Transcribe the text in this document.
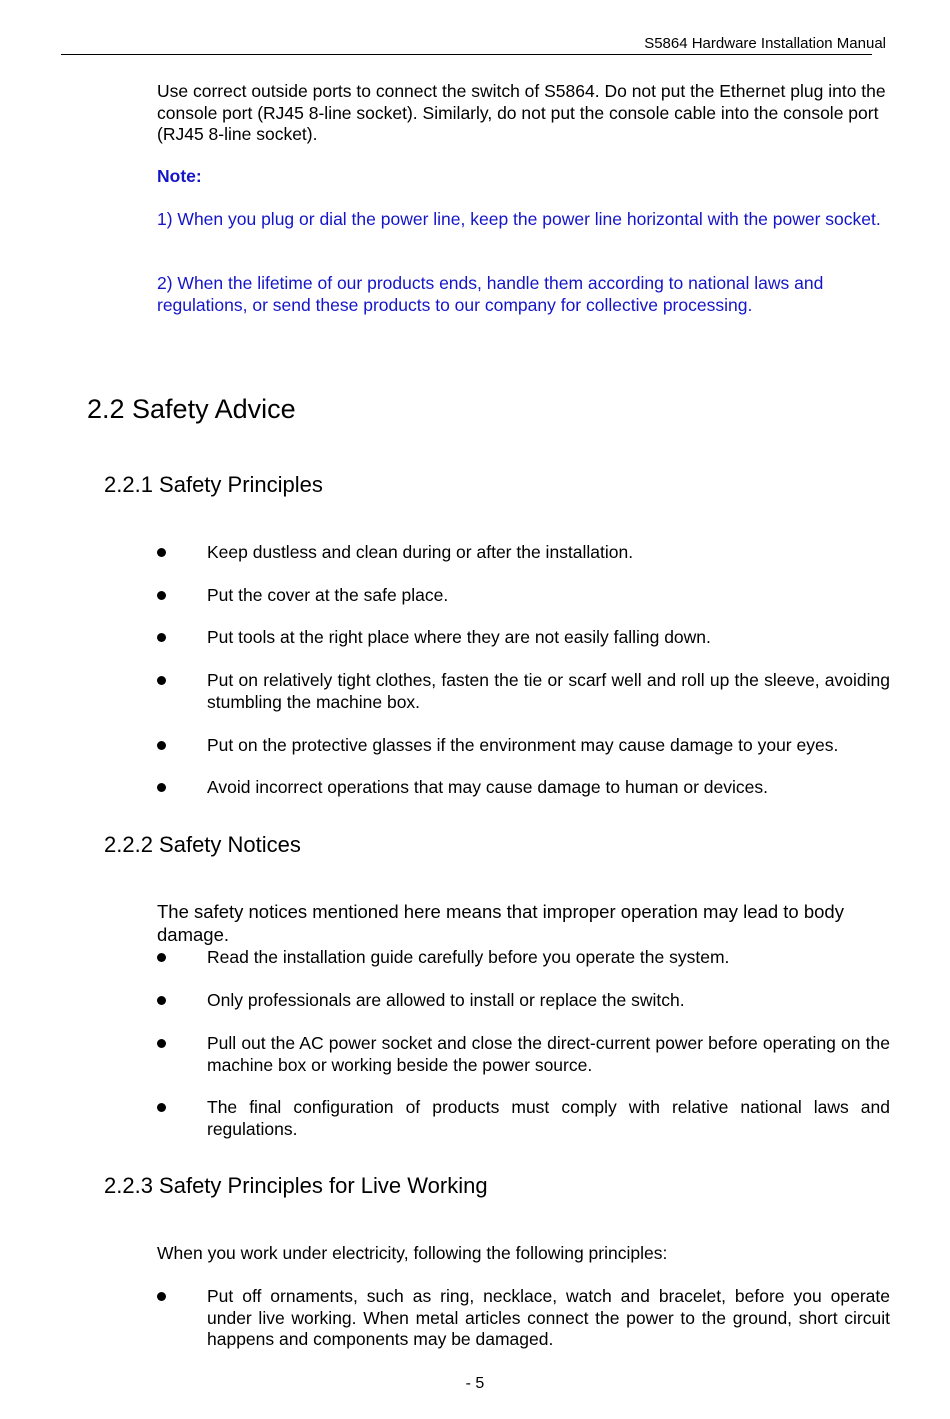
S5864 Hardware Installation Manual
Use correct outside ports to connect the switch of S5864. Do not put the Ethernet plug into the console port (RJ45 8-line socket). Similarly, do not put the console cable into the console port (RJ45 8-line socket).
Note:
1) When you plug or dial the power line, keep the power line horizontal with the power socket.
2) When the lifetime of our products ends, handle them according to national laws and regulations, or send these products to our company for collective processing.
2.2 Safety Advice
2.2.1 Safety Principles
Keep dustless and clean during or after the installation.
Put the cover at the safe place.
Put tools at the right place where they are not easily falling down.
Put on relatively tight clothes, fasten the tie or scarf well and roll up the sleeve, avoiding stumbling the machine box.
Put on the protective glasses if the environment may cause damage to your eyes.
Avoid incorrect operations that may cause damage to human or devices.
2.2.2 Safety Notices
The safety notices mentioned here means that improper operation may lead to body damage.
Read the installation guide carefully before you operate the system.
Only professionals are allowed to install or replace the switch.
Pull out the AC power socket and close the direct-current power before operating on the machine box or working beside the power source.
The final configuration of products must comply with relative national laws and regulations.
2.2.3 Safety Principles for Live Working
When you work under electricity, following the following principles:
Put off ornaments, such as ring, necklace, watch and bracelet, before you operate under live working. When metal articles connect the power to the ground, short circuit happens and components may be damaged.
- 5
